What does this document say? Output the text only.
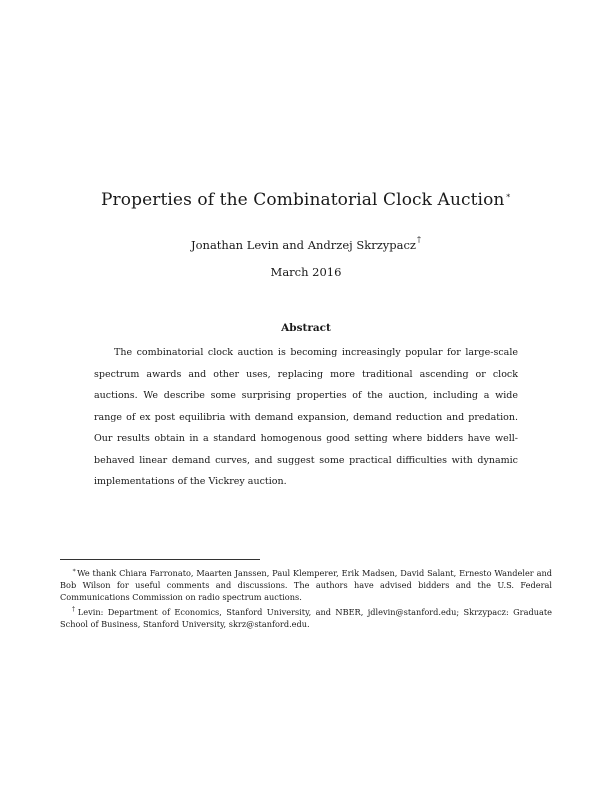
Properties of the Combinatorial Clock Auction∗
Jonathan Levin and Andrzej Skrzypacz†
March 2016
Abstract
The combinatorial clock auction is becoming increasingly popular for large-scale spectrum awards and other uses, replacing more traditional ascending or clock auctions. We describe some surprising properties of the auction, including a wide range of ex post equilibria with demand expansion, demand reduction and predation. Our results obtain in a standard homogenous good setting where bidders have well-behaved linear demand curves, and suggest some practical difficulties with dynamic implementations of the Vickrey auction.
∗We thank Chiara Farronato, Maarten Janssen, Paul Klemperer, Erik Madsen, David Salant, Ernesto Wandeler and Bob Wilson for useful comments and discussions. The authors have advised bidders and the U.S. Federal Communications Commission on radio spectrum auctions.
†Levin: Department of Economics, Stanford University, and NBER, jdlevin@stanford.edu; Skrzypacz: Graduate School of Business, Stanford University, skrz@stanford.edu.
